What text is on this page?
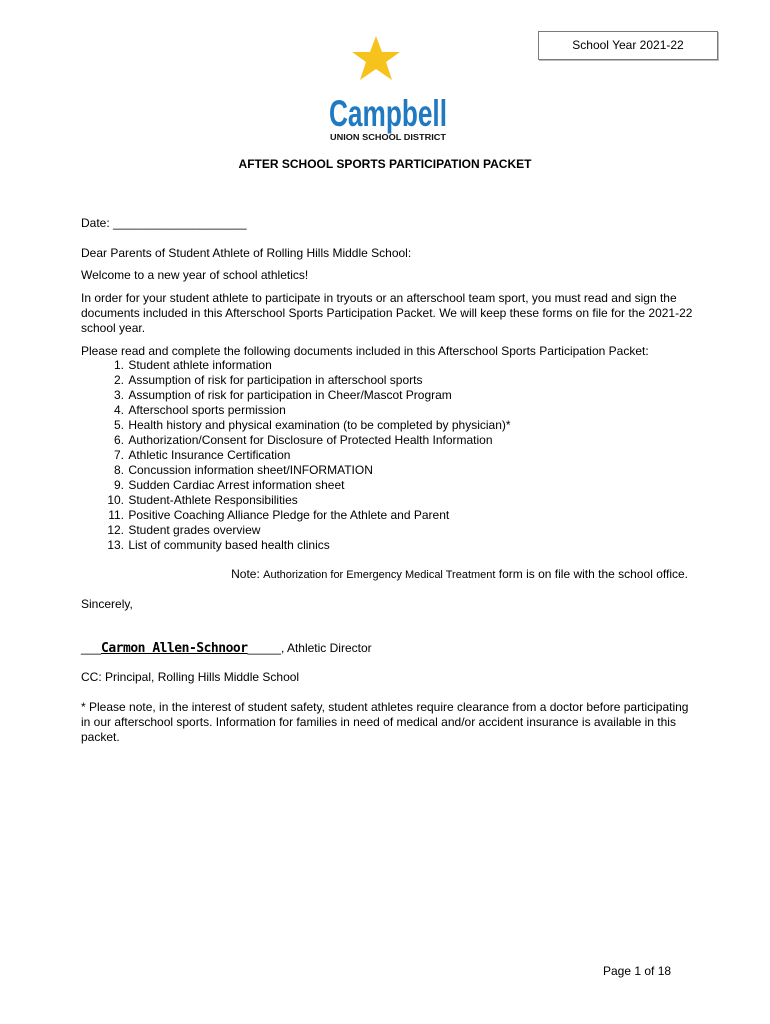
School Year 2021-22
Campbell
UNION SCHOOL DISTRICT
AFTER SCHOOL SPORTS PARTICIPATION PACKET
Date: ____________________
Dear Parents of Student Athlete of Rolling Hills Middle School:
Welcome to a new year of school athletics!
In order for your student athlete to participate in tryouts or an afterschool team sport, you must read and sign the documents included in this Afterschool Sports Participation Packet. We will keep these forms on file for the 2021-22 school year.
Please read and complete the following documents included in this Afterschool Sports Participation Packet:
1.
Student athlete information
2.
Assumption of risk for participation in afterschool sports
3.
Assumption of risk for participation in Cheer/Mascot Program
4.
Afterschool sports permission
5.
Health history and physical examination (to be completed by physician)*
6.
Authorization/Consent for Disclosure of Protected Health Information
7.
Athletic Insurance Certification
8.
Concussion information sheet/INFORMATION
9.
Sudden Cardiac Arrest information sheet
10.
Student-Athlete Responsibilities
11.
Positive Coaching Alliance Pledge for the Athlete and Parent
12.
Student grades overview
13.
List of community based health clinics
Note: Authorization for Emergency Medical Treatment form is on file with the school office.
Sincerely,
___Carmon Allen-Schnoor_____, Athletic Director
CC: Principal, Rolling Hills Middle School
* Please note, in the interest of student safety, student athletes require clearance from a doctor before participating in our afterschool sports. Information for families in need of medical and/or accident insurance is available in this packet.
Page 1 of 18
